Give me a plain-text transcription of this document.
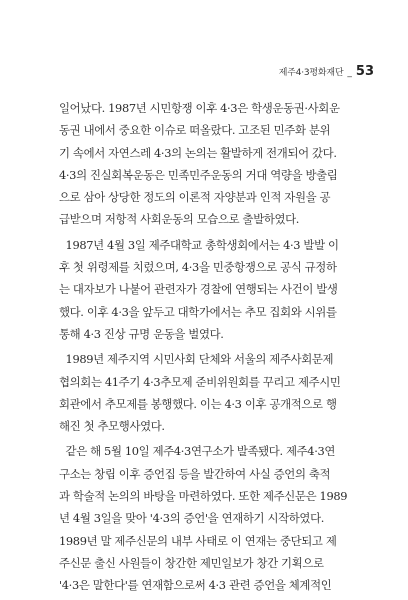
제주4·3평화재단 _ 53
일어났다. 1987년 시민항쟁 이후 4·3은 학생운동권·사회운
동권 내에서 중요한 이슈로 떠올랐다. 고조된 민주화 분위
기 속에서 자연스레 4·3의 논의는 활발하게 전개되어 갔다.
4·3의 진실회복운동은 민족민주운동의 거대 역량을 방출림
으로 삼아 상당한 정도의 이론적 자양분과 인적 자원을 공
급받으며 저항적 사회운동의 모습으로 출발하였다.
1987년 4월 3일 제주대학교 총학생회에서는 4·3 발발 이
후 첫 위령제를 치렀으며, 4·3을 민중항쟁으로 공식 규정하
는 대자보가 나붙어 관련자가 경찰에 연행되는 사건이 발생
했다. 이후 4·3을 앞두고 대학가에서는 추모 집회와 시위를
통해 4·3 진상 규명 운동을 벌였다.
1989년 제주지역 시민사회 단체와 서울의 제주사회문제
협의회는 41주기 4·3추모제 준비위원회를 꾸리고 제주시민
회관에서 추모제를 봉행했다. 이는 4·3 이후 공개적으로 행
해진 첫 추모행사였다.
같은 해 5월 10일 제주4·3연구소가 발족됐다. 제주4·3연
구소는 창립 이후 증언집 등을 발간하여 사실 증언의 축적
과 학술적 논의의 바탕을 마련하였다. 또한 제주신문은 1989
년 4월 3일을 맞아 '4·3의 증언'을 연재하기 시작하였다.
1989년 말 제주신문의 내부 사태로 이 연재는 중단되고 제
주신문 출신 사원들이 창간한 제민일보가 창간 기획으로
'4·3은 말한다'를 연재함으로써 4·3 관련 증언을 체계적인
